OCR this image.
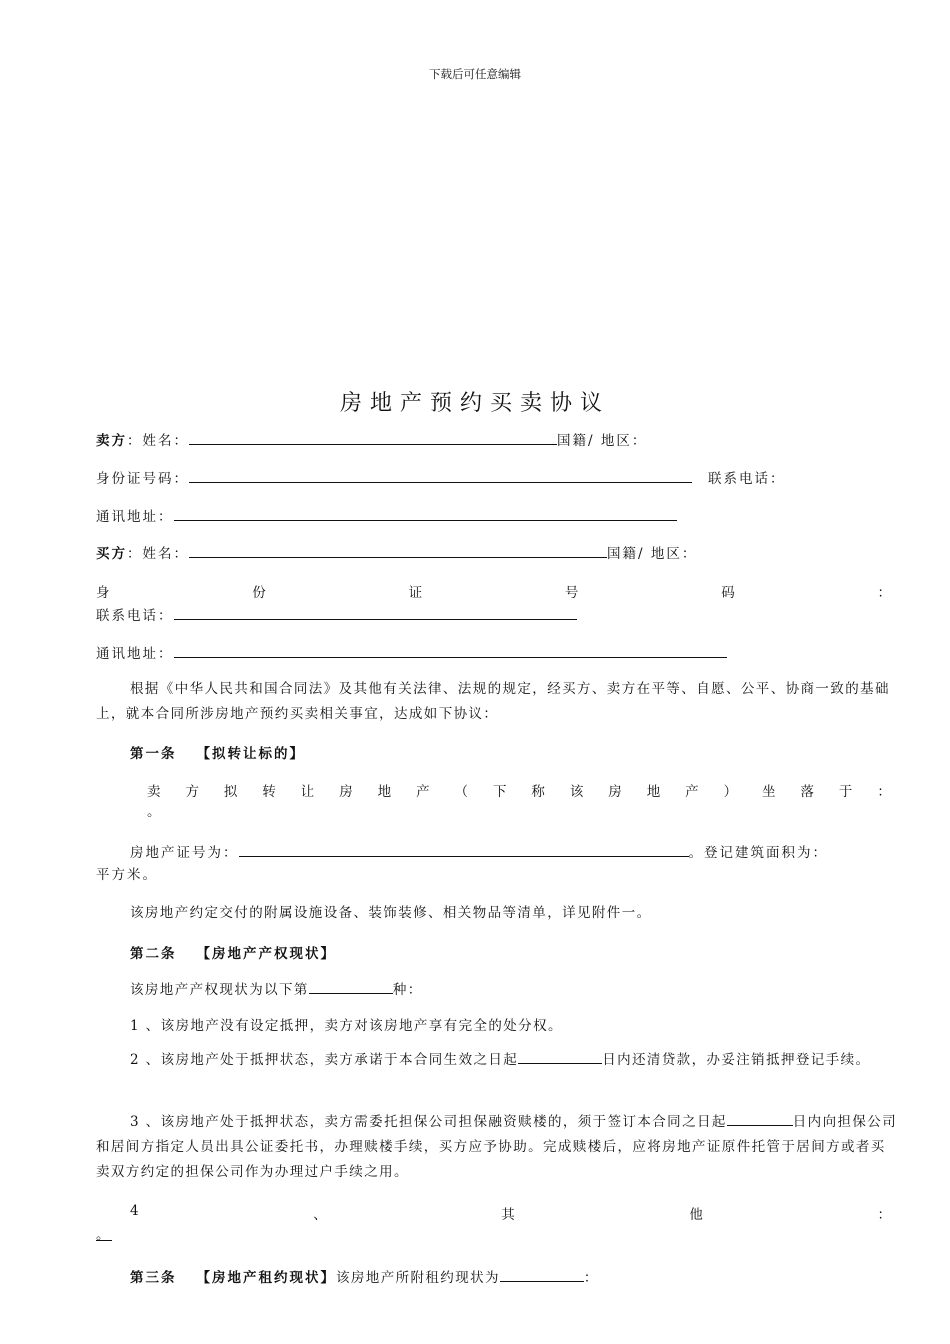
下载后可任意编辑
房地产预约买卖协议
卖方：姓名：	国籍/ 地区：
身份证号码：	联系电话：
通讯地址：
买方：姓名：	国籍/ 地区：
身	份	证	号	码	：
联系电话：
通讯地址：
根据《中华人民共和国合同法》及其他有关法律、法规的规定，经买方、卖方在平等、自愿、公平、协商一致的基础上，就本合同所涉房地产预约买卖相关事宜，达成如下协议：
第一条 【拟转让标的】
卖 方 拟 转 让 房 地 产 （ 下 称 该 房 地 产 ） 坐 落 于 ：
。
房地产证号为：	。登记建筑面积为：
平方米。
该房地产约定交付的附属设施设备、装饰装修、相关物品等清单，详见附件一。
第二条 【房地产产权现状】
该房地产产权现状为以下第	种：
1 、该房地产没有设定抵押，卖方对该房地产享有完全的处分权。
2 、该房地产处于抵押状态，卖方承诺于本合同生效之日起	日内还清贷款，办妥注销抵押登记手续。
3 、该房地产处于抵押状态，卖方需委托担保公司担保融资赎楼的，须于签订本合同之日起	日内向担保公司和居间方指定人员出具公证委托书，办理赎楼手续，买方应予协助。完成赎楼后，应将房地产证原件托管于居间方或者买卖双方约定的担保公司作为办理过户手续之用。
4	、	其	他	：
。
第三条 【房地产租约现状】该房地产所附租约现状为	：
